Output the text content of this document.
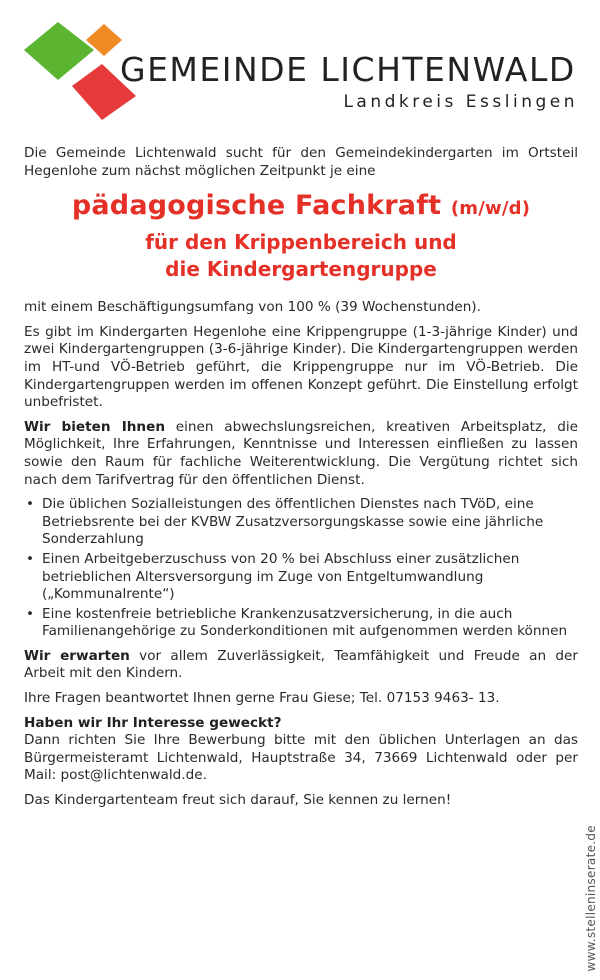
GEMEINDE LICHTENWALD
Landkreis Esslingen

Die Gemeinde Lichtenwald sucht für den Gemeindekindergarten im Ortsteil Hegenlohe zum nächst möglichen Zeitpunkt je eine

pädagogische Fachkraft (m/w/d)
für den Krippenbereich und
die Kindergartengruppe

mit einem Beschäftigungsumfang von 100 % (39 Wochenstunden).

Es gibt im Kindergarten Hegenlohe eine Krippengruppe (1-3-jährige Kinder) und zwei Kindergartengruppen (3-6-jährige Kinder). Die Kindergartengruppen werden im HT-und VÖ-Betrieb geführt, die Krippengruppe nur im VÖ-Betrieb. Die Kindergartengruppen werden im offenen Konzept geführt. Die Einstellung erfolgt unbefristet.

Wir bieten Ihnen einen abwechslungsreichen, kreativen Arbeitsplatz, die Möglichkeit, Ihre Erfahrungen, Kenntnisse und Interessen einfließen zu lassen sowie den Raum für fachliche Weiterentwicklung. Die Vergütung richtet sich nach dem Tarifvertrag für den öffentlichen Dienst.

• Die üblichen Sozialleistungen des öffentlichen Dienstes nach TVöD, eine Betriebsrente bei der KVBW Zusatzversorgungskasse sowie eine jährliche Sonderzahlung
• Einen Arbeitgeberzuschuss von 20 % bei Abschluss einer zusätzlichen betrieblichen Altersversorgung im Zuge von Entgeltumwandlung („Kommunalrente“)
• Eine kostenfreie betriebliche Krankenzusatzversicherung, in die auch Familienangehörige zu Sonderkonditionen mit aufgenommen werden können

Wir erwarten vor allem Zuverlässigkeit, Teamfähigkeit und Freude an der Arbeit mit den Kindern.

Ihre Fragen beantwortet Ihnen gerne Frau Giese; Tel. 07153 9463- 13.

Haben wir Ihr Interesse geweckt?
Dann richten Sie Ihre Bewerbung bitte mit den üblichen Unterlagen an das Bürgermeisteramt Lichtenwald, Hauptstraße 34, 73669 Lichtenwald oder per Mail: post@lichtenwald.de.

Das Kindergartenteam freut sich darauf, Sie kennen zu lernen!

www.stelleninserate.de
